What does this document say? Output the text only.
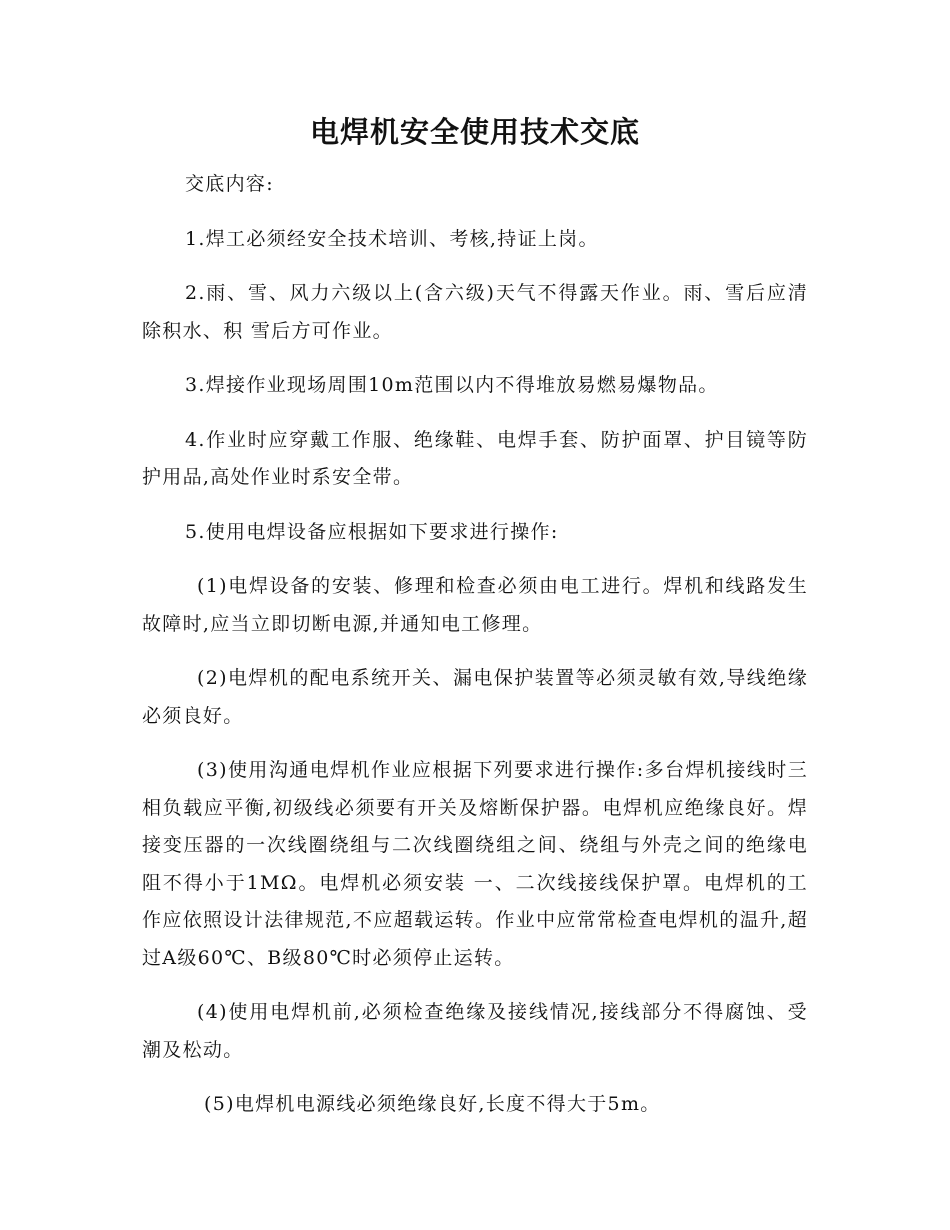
电焊机安全使用技术交底

交底内容:

1.焊工必须经安全技术培训、考核,持证上岗。

2.雨、雪、风力六级以上(含六级)天气不得露天作业。雨、雪后应清除积水、积 雪后方可作业。

3.焊接作业现场周围10m范围以内不得堆放易燃易爆物品。

4.作业时应穿戴工作服、绝缘鞋、电焊手套、防护面罩、护目镜等防护用品,高处作业时系安全带。

5.使用电焊设备应根据如下要求进行操作:

(1)电焊设备的安装、修理和检查必须由电工进行。焊机和线路发生故障时,应当立即切断电源,并通知电工修理。

(2)电焊机的配电系统开关、漏电保护装置等必须灵敏有效,导线绝缘必须良好。

(3)使用沟通电焊机作业应根据下列要求进行操作:多台焊机接线时三相负载应平衡,初级线必须要有开关及熔断保护器。电焊机应绝缘良好。焊接变压器的一次线圈绕组与二次线圈绕组之间、绕组与外壳之间的绝缘电阻不得小于1MΩ。电焊机必须安装 一、二次线接线保护罩。电焊机的工作应依照设计法律规范,不应超载运转。作业中应常常检查电焊机的温升,超过A级60℃、B级80℃时必须停止运转。

(4)使用电焊机前,必须检查绝缘及接线情况,接线部分不得腐蚀、受潮及松动。

(5)电焊机电源线必须绝缘良好,长度不得大于5m。
